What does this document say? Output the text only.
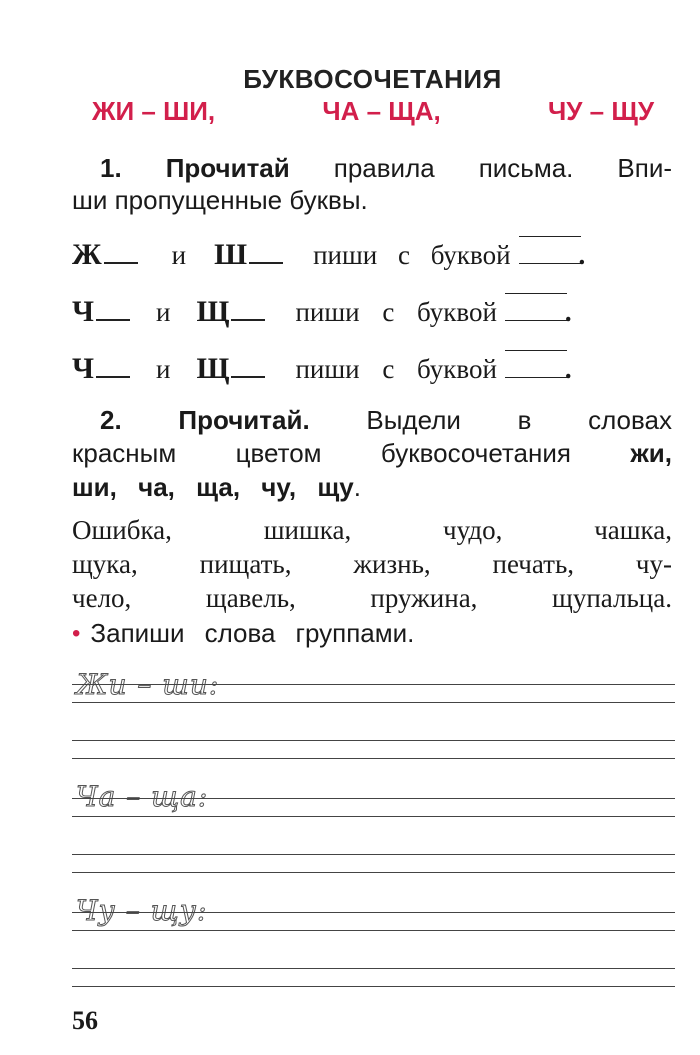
БУКВОСОЧЕТАНИЯ
ЖИ – ШИ,	ЧА – ЩА,	ЧУ – ЩУ
1. Прочитай правила письма. Впи-
ши пропущенные буквы.
Ж	и Ш пиши с буквой	.
Ч и Щ пиши с буквой	.
Ч и Щ пиши с буквой	.
2. Прочитай. Выдели в словах
красным цветом буквосочетания жи,
ши, ча, ща, чу, щу.
Ошибка, шишка, чудо, чашка,
щука, пищать, жизнь, печать, чу-
чело, щавель, пружина, щупальца.
• Запиши слова группами.
Жи – ши:
Ча – ща:
Чу – щу:
56
